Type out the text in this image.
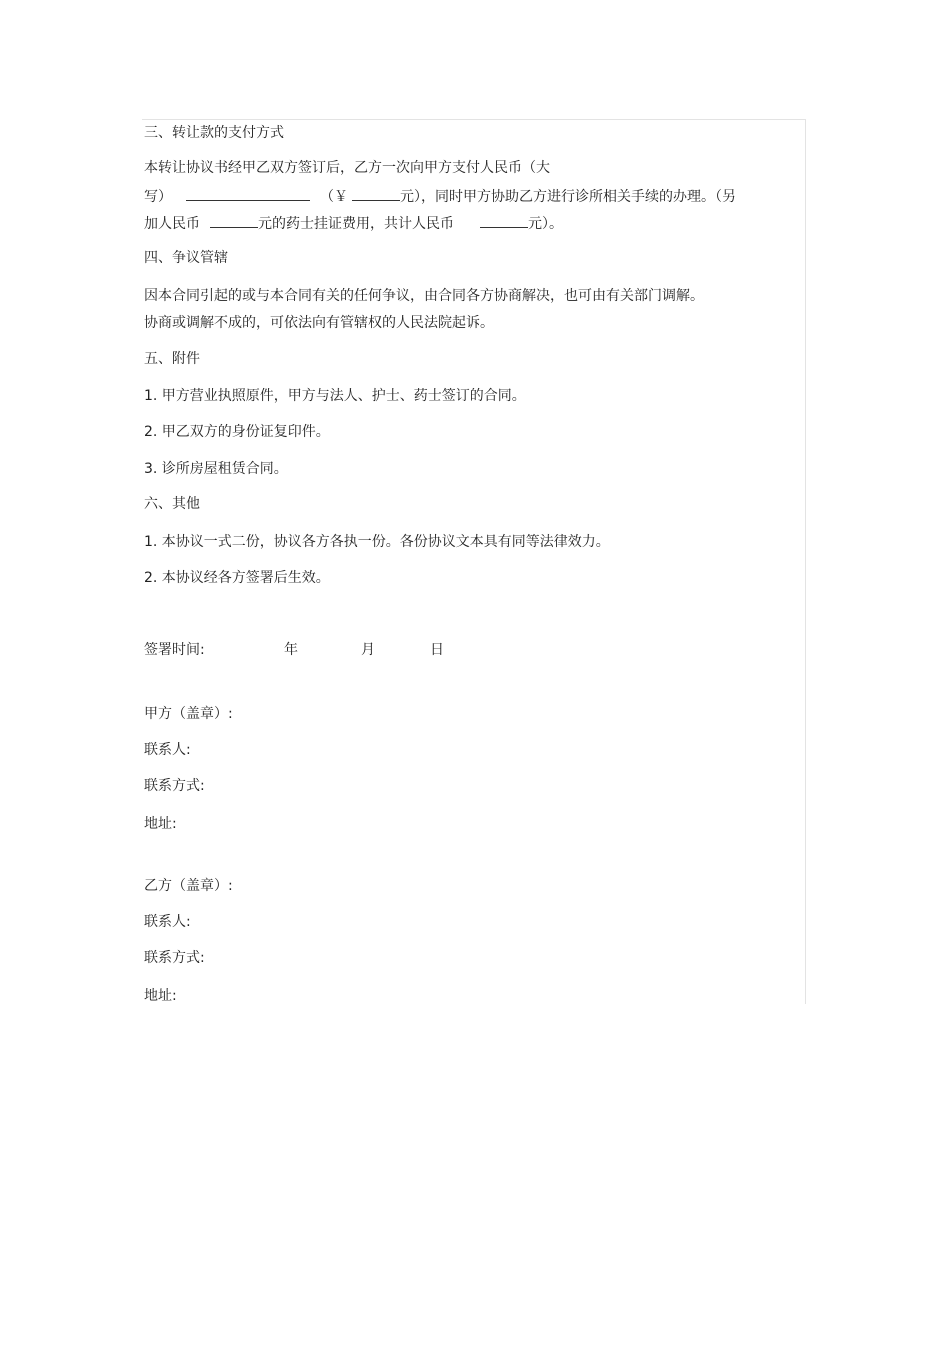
三、转让款的支付方式
本转让协议书经甲乙双方签订后，乙方一次向甲方支付人民币（大
写）	（￥	元），同时甲方协助乙方进行诊所相关手续的办理。（另
加人民币	元的药士挂证费用，共计人民币	元）。
四、争议管辖
因本合同引起的或与本合同有关的任何争议，由合同各方协商解决，也可由有关部门调解。
协商或调解不成的，可依法向有管辖权的人民法院起诉。
五、附件
1. 甲方营业执照原件，甲方与法人、护士、药士签订的合同。
2. 甲乙双方的身份证复印件。
3. 诊所房屋租赁合同。
六、其他
1. 本协议一式二份，协议各方各执一份。各份协议文本具有同等法律效力。
2. 本协议经各方签署后生效。
签署时间:	年	月	日
甲方（盖章）:
联系人:
联系方式:
地址:
乙方（盖章）:
联系人:
联系方式:
地址:
